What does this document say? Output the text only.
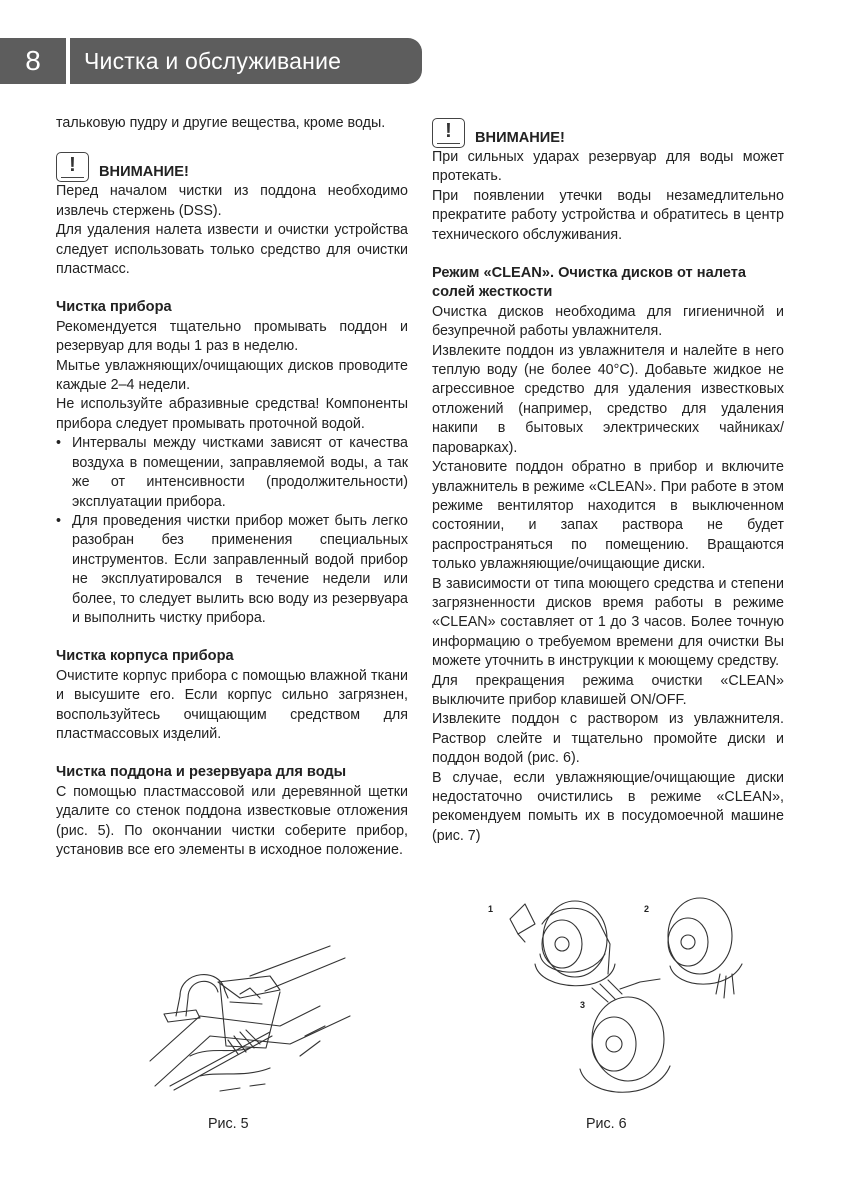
8	Чистка и обслуживание

тальковую пудру и другие вещества, кроме воды.

!	ВНИМАНИЕ!

Перед началом чистки из поддона необходимо извлечь стержень (DSS).

Для удаления налета извести и очистки устройства следует использовать только средство для очистки пластмасс.

Чистка прибора

Рекомендуется тщательно промывать поддон и резервуар для воды 1 раз в неделю.

Мытье увлажняющих/очищающих дисков проводите каждые 2–4 недели.

Не используйте абразивные средства! Компоненты прибора следует промывать проточной водой.

• Интервалы между чистками зависят от качества воздуха в помещении, заправляемой воды, а так же от интенсивности (продолжительности) эксплуатации прибора.
• Для проведения чистки прибор может быть легко разобран без применения специальных инструментов. Если заправленный водой прибор не эксплуатировался в течение недели или более, то следует вылить всю воду из резервуара и выполнить чистку прибора.

Чистка корпуса прибора

Очистите корпус прибора с помощью влажной ткани и высушите его. Если корпус сильно загрязнен, воспользуйтесь очищающим средством для пластмассовых изделий.

Чистка поддона и резервуара для воды

С помощью пластмассовой или деревянной щетки удалите со стенок поддона известковые отложения (рис. 5). По окончании чистки соберите прибор, установив все его элементы в исходное положение.

!	ВНИМАНИЕ!

При сильных ударах резервуар для воды может протекать.

При появлении утечки воды незамедлительно прекратите работу устройства и обратитесь в центр технического обслуживания.

Режим «CLEAN». Очистка дисков от налета солей жесткости

Очистка дисков необходима для гигиеничной и безупречной работы увлажнителя.

Извлеките поддон из увлажнителя и налейте в него теплую воду (не более 40°С). Добавьте жидкое не агрессивное средство для удаления известковых отложений (например, средство для удаления накипи в бытовых электрических чайниках/пароварках).

Установите поддон обратно в прибор и включите увлажнитель в режиме «CLEAN». При работе в этом режиме вентилятор находится в выключенном состоянии, и запах раствора не будет распространяться по помещению. Вращаются только увлажняющие/очищающие диски.

В зависимости от типа моющего средства и степени загрязненности дисков время работы в режиме «CLEAN» составляет от 1 до 3 часов. Более точную информацию о требуемом времени для очистки Вы можете уточнить в инструкции к моющему средству.

Для прекращения режима очистки «CLEAN» выключите прибор клавишей ON/OFF.

Извлеките поддон с раствором из увлажнителя. Раствор слейте и тщательно промойте диски и поддон водой (рис. 6).

В случае, если увлажняющие/очищающие диски недостаточно очистились в режиме «CLEAN», рекомендуем помыть их в посудомоечной машине (рис. 7)

Рис. 5
1	2
3
Рис. 6
